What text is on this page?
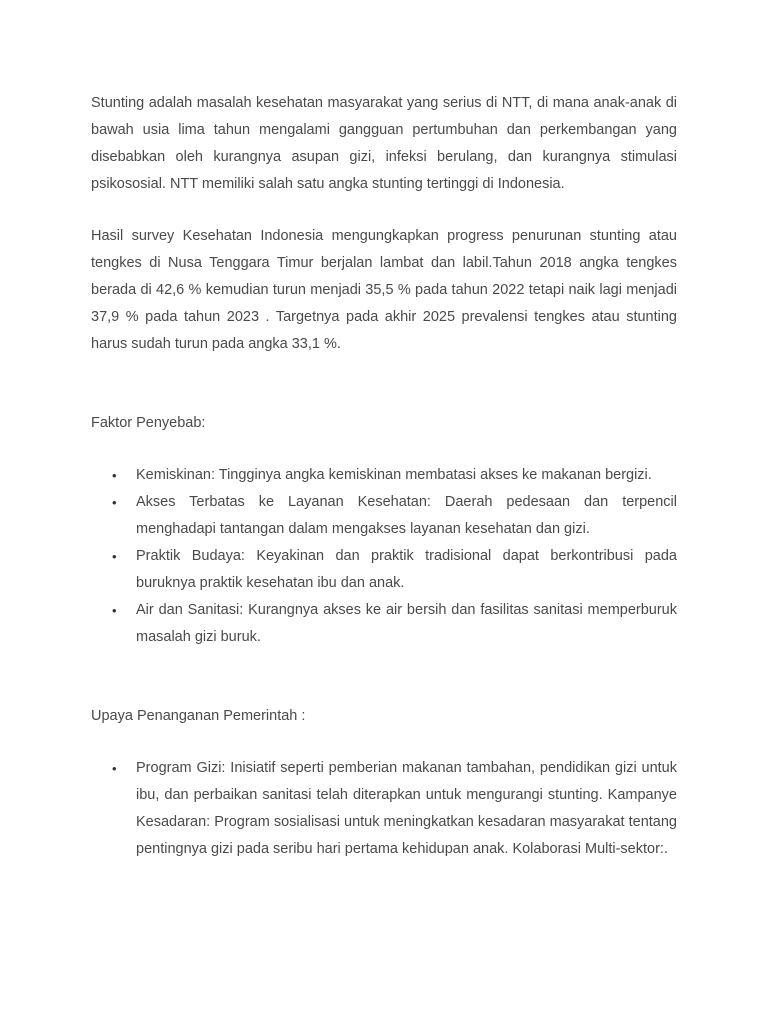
Stunting adalah masalah kesehatan masyarakat yang serius di NTT, di mana anak-anak di bawah usia lima tahun mengalami gangguan pertumbuhan dan perkembangan yang disebabkan oleh kurangnya asupan gizi, infeksi berulang, dan kurangnya stimulasi psikososial. NTT memiliki salah satu angka stunting tertinggi di Indonesia.

Hasil survey Kesehatan Indonesia mengungkapkan progress penurunan stunting atau tengkes di Nusa Tenggara Timur berjalan lambat dan labil.Tahun 2018 angka tengkes berada di 42,6 % kemudian turun menjadi 35,5 % pada tahun 2022 tetapi naik lagi menjadi 37,9 % pada tahun 2023 . Targetnya pada akhir 2025 prevalensi tengkes atau stunting harus sudah turun pada angka 33,1 %.

Faktor Penyebab:

• Kemiskinan: Tingginya angka kemiskinan membatasi akses ke makanan bergizi.
• Akses Terbatas ke Layanan Kesehatan: Daerah pedesaan dan terpencil menghadapi tantangan dalam mengakses layanan kesehatan dan gizi.
• Praktik Budaya: Keyakinan dan praktik tradisional dapat berkontribusi pada buruknya praktik kesehatan ibu dan anak.
• Air dan Sanitasi: Kurangnya akses ke air bersih dan fasilitas sanitasi memperburuk masalah gizi buruk.

Upaya Penanganan Pemerintah :

• Program Gizi: Inisiatif seperti pemberian makanan tambahan, pendidikan gizi untuk ibu, dan perbaikan sanitasi telah diterapkan untuk mengurangi stunting. Kampanye Kesadaran: Program sosialisasi untuk meningkatkan kesadaran masyarakat tentang pentingnya gizi pada seribu hari pertama kehidupan anak. Kolaborasi Multi-sektor:.
